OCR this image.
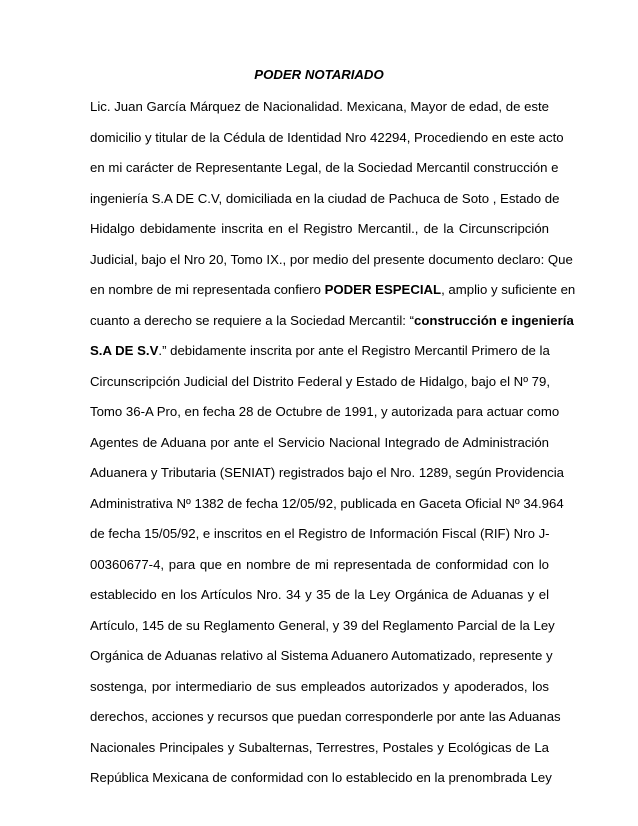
PODER NOTARIADO
Lic. Juan García Márquez de Nacionalidad. Mexicana, Mayor de edad, de este
domicilio y titular de la Cédula de Identidad Nro 42294, Procediendo en este acto
en mi carácter de Representante Legal, de la Sociedad Mercantil construcción e
ingeniería S.A DE C.V, domiciliada en la ciudad de Pachuca de Soto , Estado de
Hidalgo debidamente inscrita en el Registro Mercantil., de la Circunscripción
Judicial, bajo el Nro 20, Tomo IX., por medio del presente documento declaro: Que
en nombre de mi representada confiero PODER ESPECIAL, amplio y suficiente en
cuanto a derecho se requiere a la Sociedad Mercantil: “construcción e ingeniería
S.A DE S.V.” debidamente inscrita por ante el Registro Mercantil Primero de la
Circunscripción Judicial del Distrito Federal y Estado de Hidalgo, bajo el Nº 79,
Tomo 36-A Pro, en fecha 28 de Octubre de 1991, y autorizada para actuar como
Agentes de Aduana por ante el Servicio Nacional Integrado de Administración
Aduanera y Tributaria (SENIAT) registrados bajo el Nro. 1289, según Providencia
Administrativa Nº 1382 de fecha 12/05/92, publicada en Gaceta Oficial Nº 34.964
de fecha 15/05/92, e inscritos en el Registro de Información Fiscal (RIF) Nro J-
00360677-4, para que en nombre de mi representada de conformidad con lo
establecido en los Artículos Nro. 34 y 35 de la Ley Orgánica de Aduanas y el
Artículo, 145 de su Reglamento General, y 39 del Reglamento Parcial de la Ley
Orgánica de Aduanas relativo al Sistema Aduanero Automatizado, represente y
sostenga, por intermediario de sus empleados autorizados y apoderados, los
derechos, acciones y recursos que puedan corresponderle por ante las Aduanas
Nacionales Principales y Subalternas, Terrestres, Postales y Ecológicas de La
República Mexicana de conformidad con lo establecido en la prenombrada Ley
